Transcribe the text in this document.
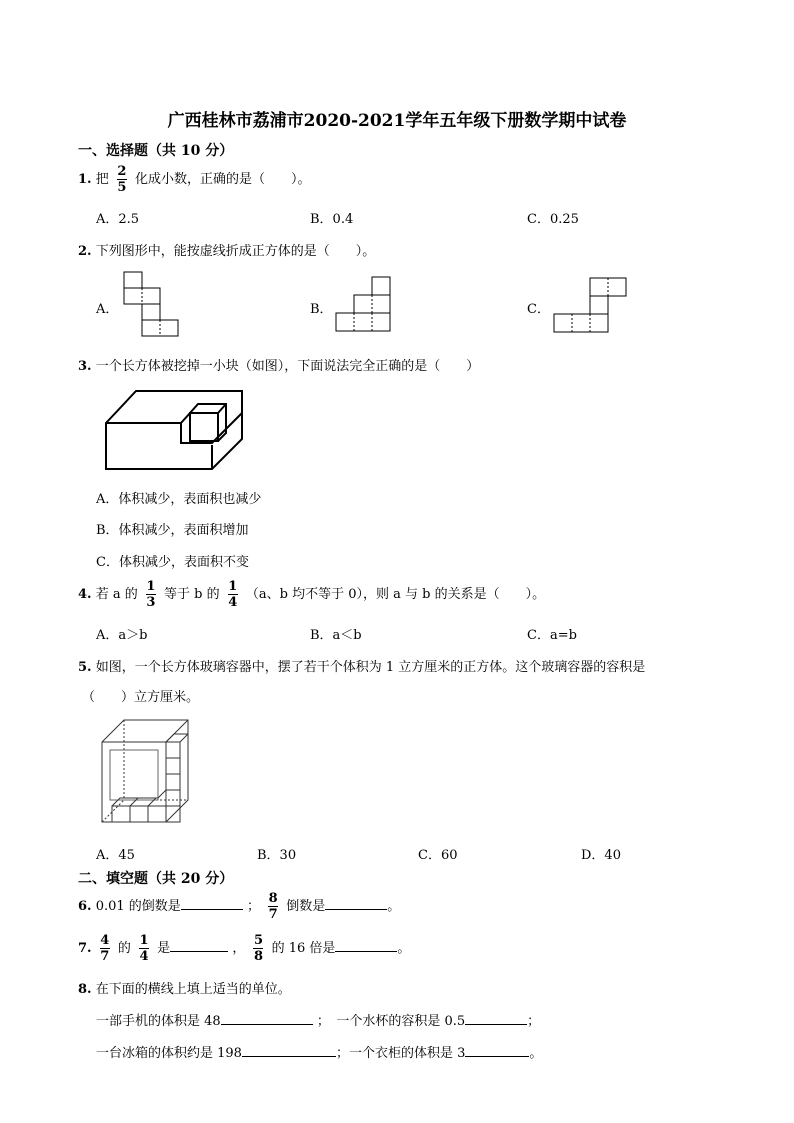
广西桂林市荔浦市2020-2021学年五年级下册数学期中试卷
一、选择题（共 10 分）
1. 把 $\frac{2}{5}$ 化成小数，正确的是（　　）。
A．2.5	B．0.4	C．0.25
2. 下列图形中，能按虚线折成正方体的是（　　）。
A．	B．	C．
3. 一个长方体被挖掉一小块（如图），下面说法完全正确的是（　　）
A．体积减少，表面积也减少
B．体积减少，表面积增加
C．体积减少，表面积不变
4. 若 a 的 $\frac{1}{3}$ 等于 b 的 $\frac{1}{4} (a$、b 均不等于 0），则 a 与 b 的关系是（　　）。
A．a＞b	B．a＜b	C．a=b
5. 如图，一个长方体玻璃容器中，摆了若干个体积为 1 立方厘米的正方体。这个玻璃容器的容积是
（　　）立方厘米。
A．45	B．30	C．60	D．40
二、填空题（共 20 分）
6. 0.01 的倒数是	； $\frac{8}{7}$ 倒数是	。
7. $\frac{4}{7}$ 的 $\frac{1}{4}$ 是	， $\frac{5}{8}$ 的 16 倍是	。
8. 在下面的横线上填上适当的单位。
一部手机的体积是 48	；　一个水杯的容积是 0.5	；
一台冰箱的体积约是 198	；一个衣柜的体积是 3	。
